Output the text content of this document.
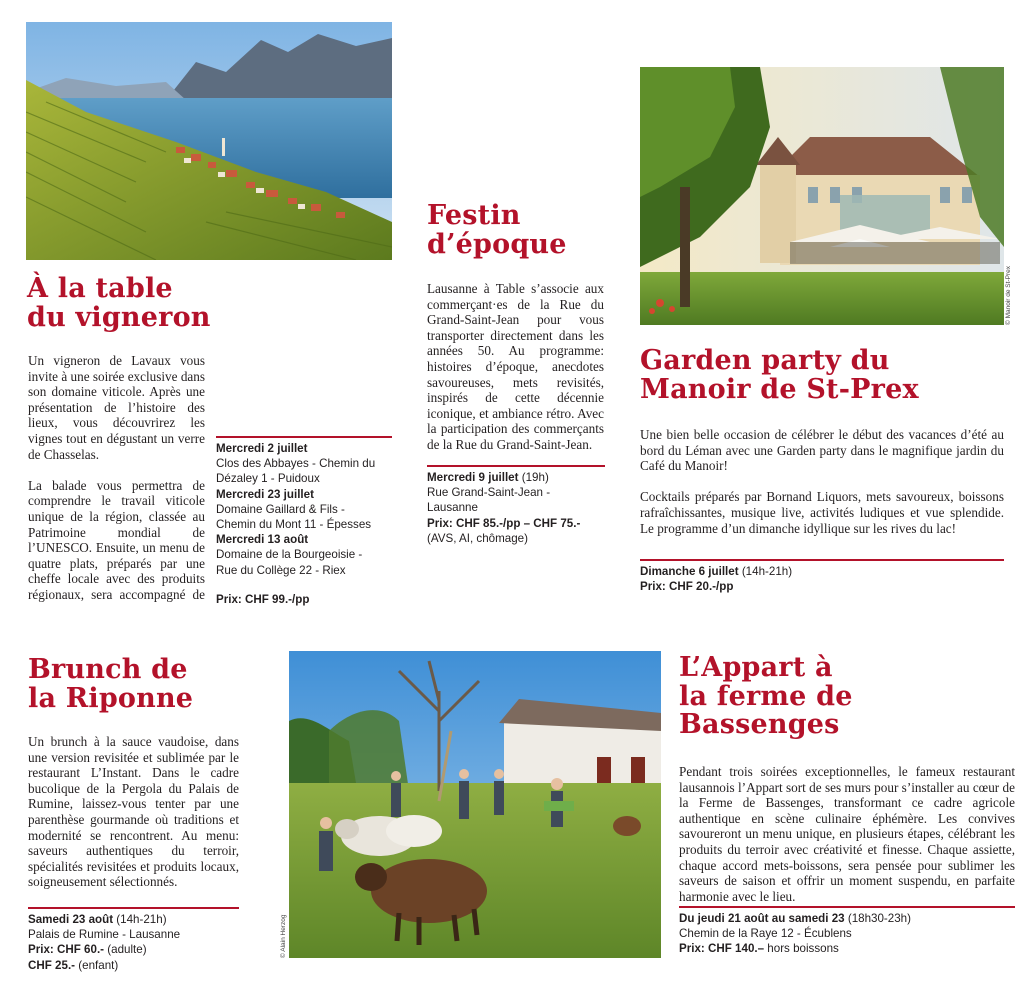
À la table
du vigneron

Un vigneron de Lavaux vous invite à une soirée exclusive dans son domaine viticole. Après une présentation de l’histoire des lieux, vous découvrirez les vignes tout en dégustant un verre de Chasselas.

La balade vous permettra de comprendre le travail viticole unique de la région, classée au Patrimoine mondial de l’UNESCO. Ensuite, un menu de quatre plats, préparés par une cheffe locale avec des produits régionaux, sera accompagné de

Mercredi 2 juillet
Clos des Abbayes - Chemin du
Dézaley 1 - Puidoux
Mercredi 23 juillet
Domaine Gaillard & Fils -
Chemin du Mont 11 - Épesses
Mercredi 13 août
Domaine de la Bourgeoisie -
Rue du Collège 22 - Riex
Prix: CHF 99.-/pp
Festin
d’époque

Lausanne à Table s’associe aux commerçant·es de la Rue du Grand-Saint-Jean pour vous transporter directement dans les années 50. Au programme: histoires d’époque, anecdotes savoureuses, mets revisités, inspirés de cette décennie iconique, et ambiance rétro. Avec la participation des commerçants de la Rue du Grand-Saint-Jean.

Mercredi 9 juillet (19h)
Rue Grand-Saint-Jean -
Lausanne
Prix: CHF 85.-/pp – CHF 75.-
(AVS, AI, chômage)
© Manoir de St-Prex
Garden party du
Manoir de St-Prex

Une bien belle occasion de célébrer le début des vacances d’été au bord du Léman avec une Garden party dans le magnifique jardin du Café du Manoir!

Cocktails préparés par Bornand Liquors, mets savoureux, boissons rafraîchissantes, musique live, activités ludiques et vue splendide. Le programme d’un dimanche idyllique sur les rives du lac!

Dimanche 6 juillet (14h-21h)
Prix: CHF 20.-/pp
Brunch de
la Riponne

Un brunch à la sauce vaudoise, dans une version revisitée et sublimée par le restaurant L’Instant. Dans le cadre bucolique de la Pergola du Palais de Rumine, laissez-vous tenter par une parenthèse gourmande où traditions et modernité se rencontrent. Au menu: saveurs authentiques du terroir, spécialités revisitées et produits locaux, soigneusement sélectionnés.

Samedi 23 août (14h-21h)
Palais de Rumine - Lausanne
Prix: CHF 60.- (adulte)
CHF 25.- (enfant)
© Alain Herzog
L’Appart à
la ferme de
Bassenges

Pendant trois soirées exceptionnelles, le fameux restaurant lausannois l’Appart sort de ses murs pour s’installer au cœur de la Ferme de Bassenges, transformant ce cadre agricole authentique en scène culinaire éphémère. Les convives savoureront un menu unique, en plusieurs étapes, célébrant les produits du terroir avec créativité et finesse. Chaque assiette, chaque accord mets-boissons, sera pensée pour sublimer les saveurs de saison et offrir un moment suspendu, en parfaite harmonie avec le lieu.

Du jeudi 21 août au samedi 23 (18h30-23h)
Chemin de la Raye 12 - Écublens
Prix: CHF 140.– hors boissons
